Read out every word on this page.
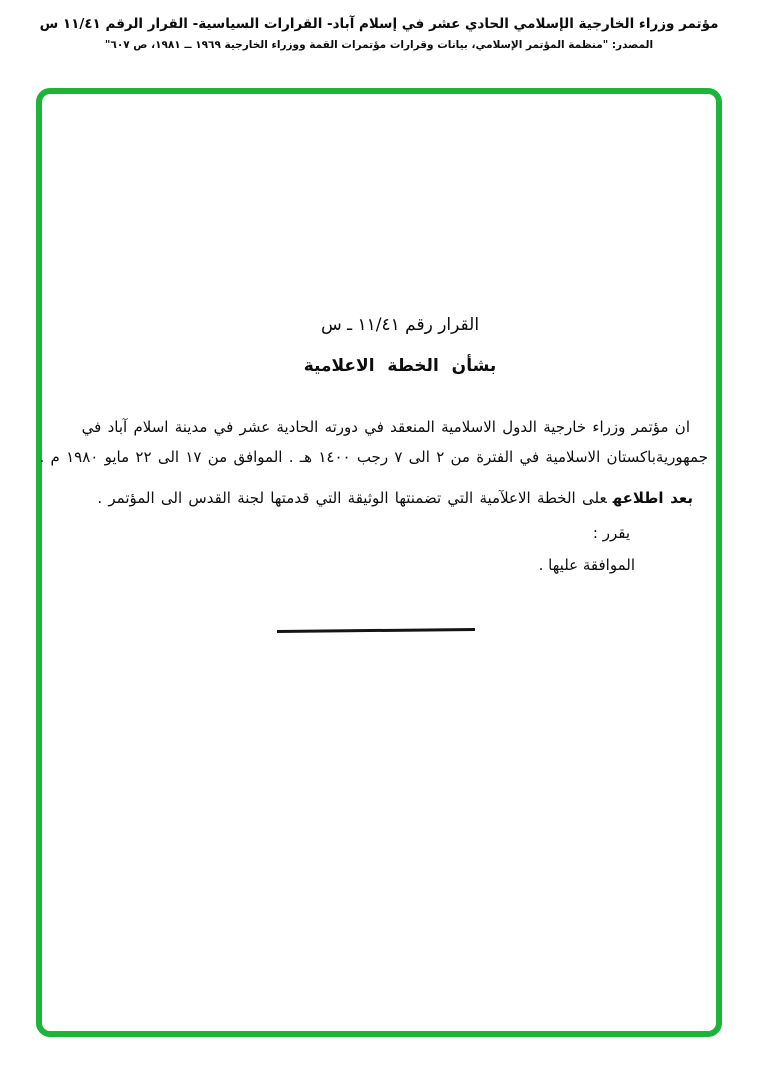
مؤتمر وزراء الخارجية الإسلامي الحادي عشر في إسلام آباد- القرارات السياسية- القرار الرقم ١١/٤١ س
المصدر: "منظمة المؤتمر الإسلامي، بيانات وقرارات مؤتمرات القمة ووزراء الخارجية ١٩٦٩ ــ ١٩٨١، ص ٦٠٧"
القرار رقم ١١/٤١ ـ س
بشأن الخطة الاعلامية
ان مؤتمر وزراء خارجية الدول الاسلامية المنعقد في دورته الحادية عشر في مدينة اسلام آباد في
جمهوريةباكستان الاسلامية في الفترة من ٢ الى ٧ رجب ١٤٠٠ هـ . الموافق من ١٧ الى ٢٢ مايو ١٩٨٠ م .
بعد اطلاعهعلى الخطة الاعلآمية التي تضمنتها الوثيقة التي قدمتها لجنة القدس الى المؤتمر .
يقرر :
الموافقة عليها .
